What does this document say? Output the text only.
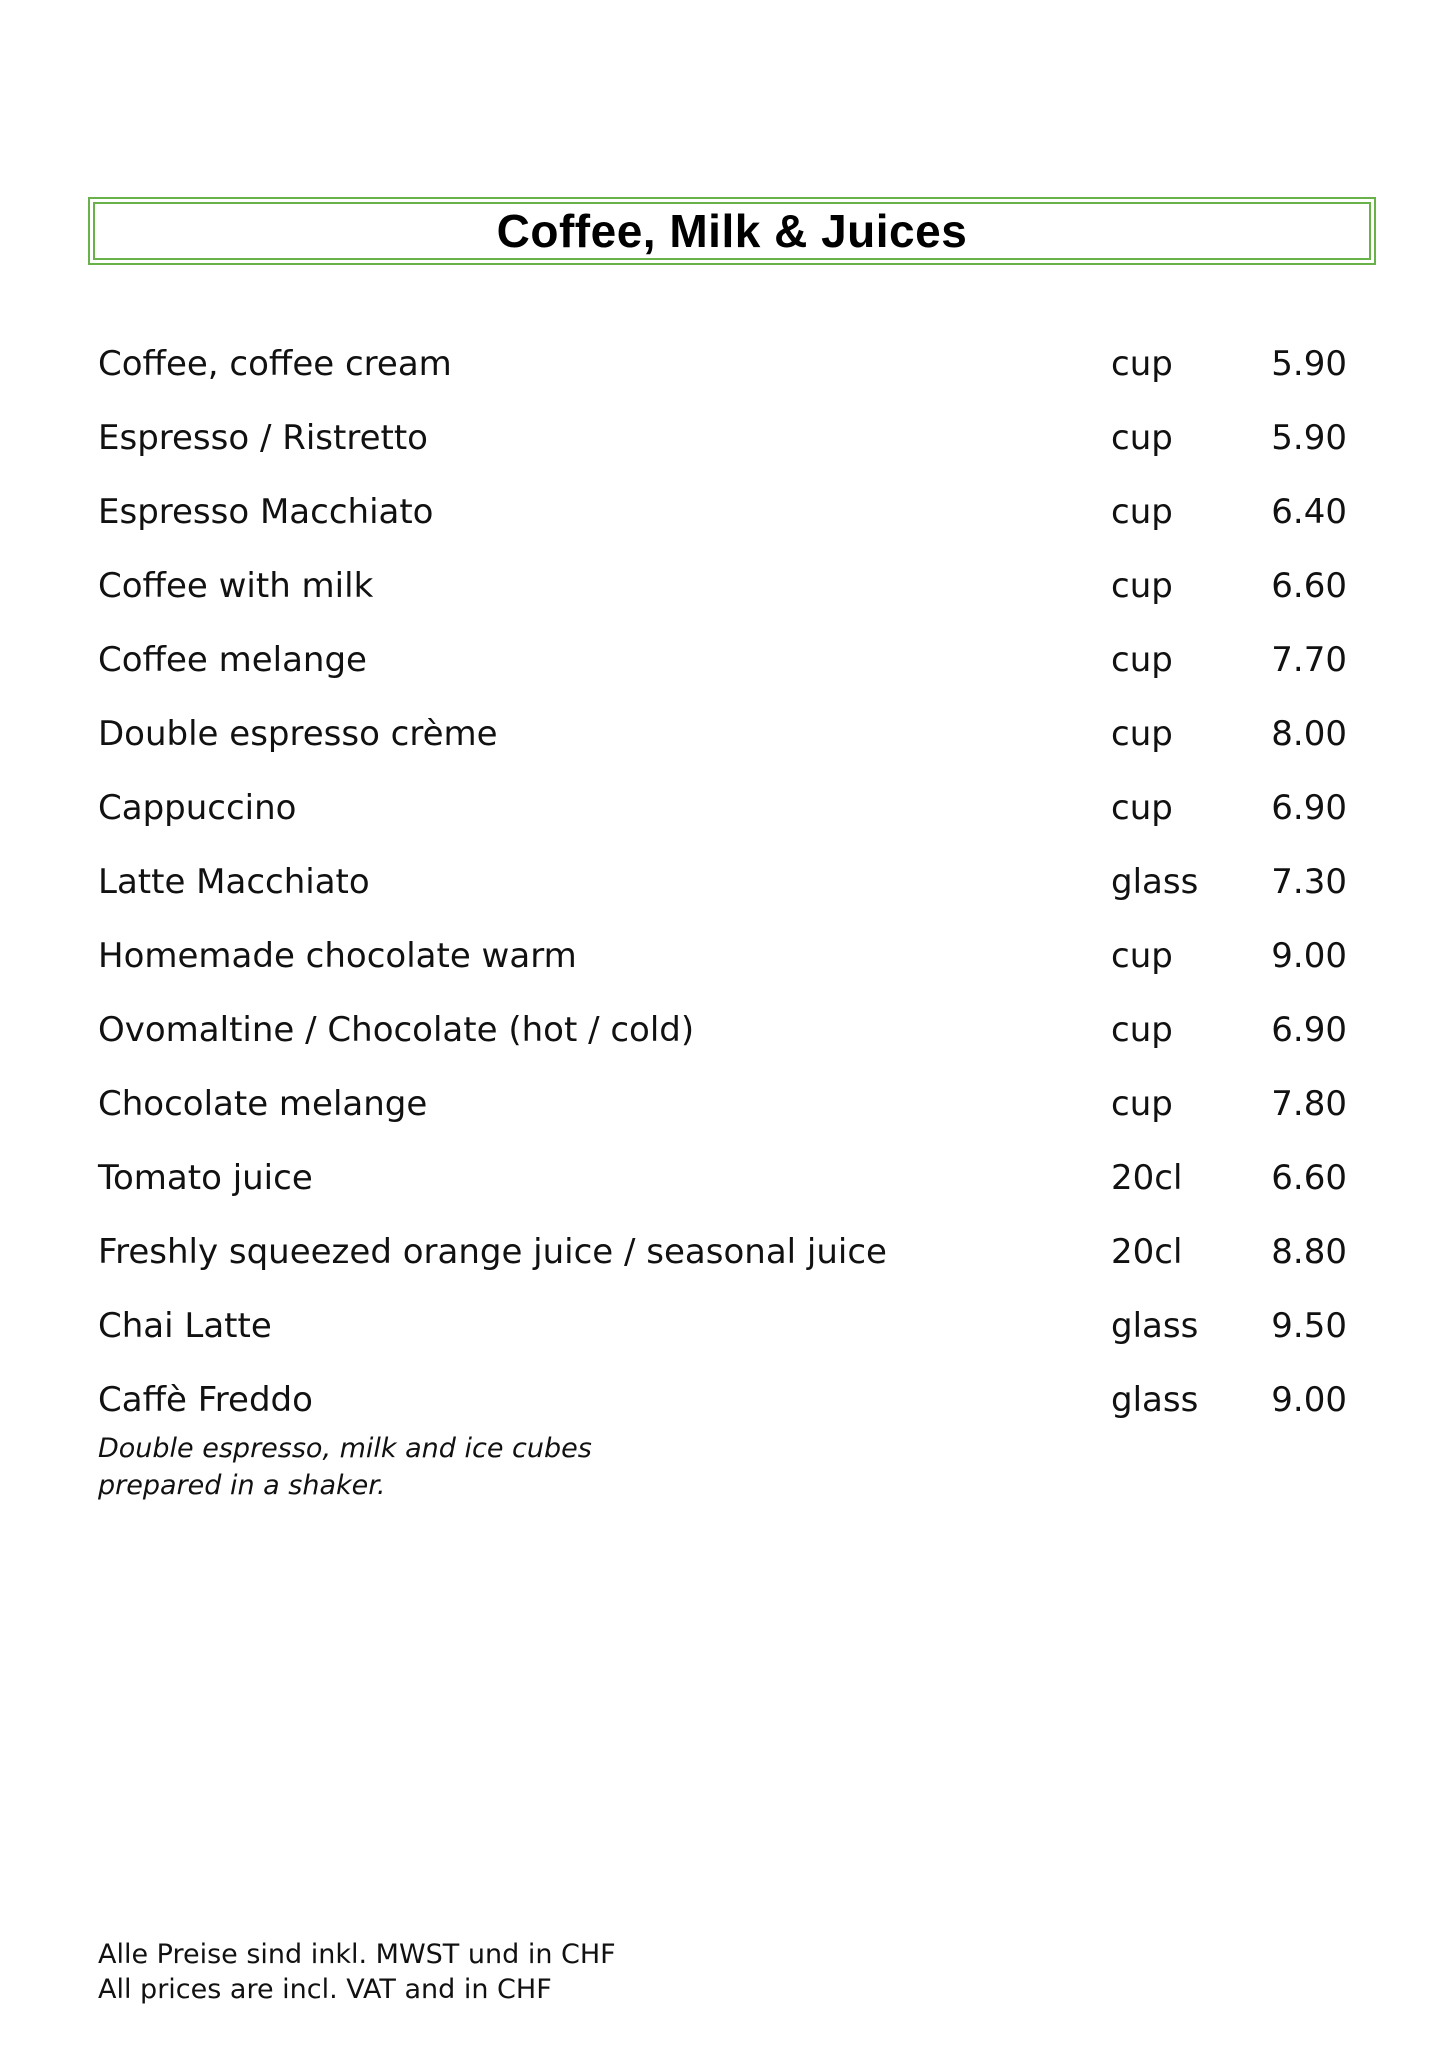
Coffee, Milk & Juices
Coffee, coffee cream	cup	5.90
Espresso / Ristretto	cup	5.90
Espresso Macchiato	cup	6.40
Coffee with milk	cup	6.60
Coffee melange	cup	7.70
Double espresso crème	cup	8.00
Cappuccino	cup	6.90
Latte Macchiato	glass 7.30
Homemade chocolate warm	cup	9.00
Ovomaltine / Chocolate (hot / cold)	cup	6.90
Chocolate melange	cup	7.80
Tomato juice	20cl	6.60
Freshly squeezed orange juice / seasonal juice	20cl	8.80
Chai Latte	glass 9.50
Caffè Freddo	glass 9.00
Double espresso, milk and ice cubes
prepared in a shaker.
Alle Preise sind inkl. MWST und in CHF
All prices are incl. VAT and in CHF
